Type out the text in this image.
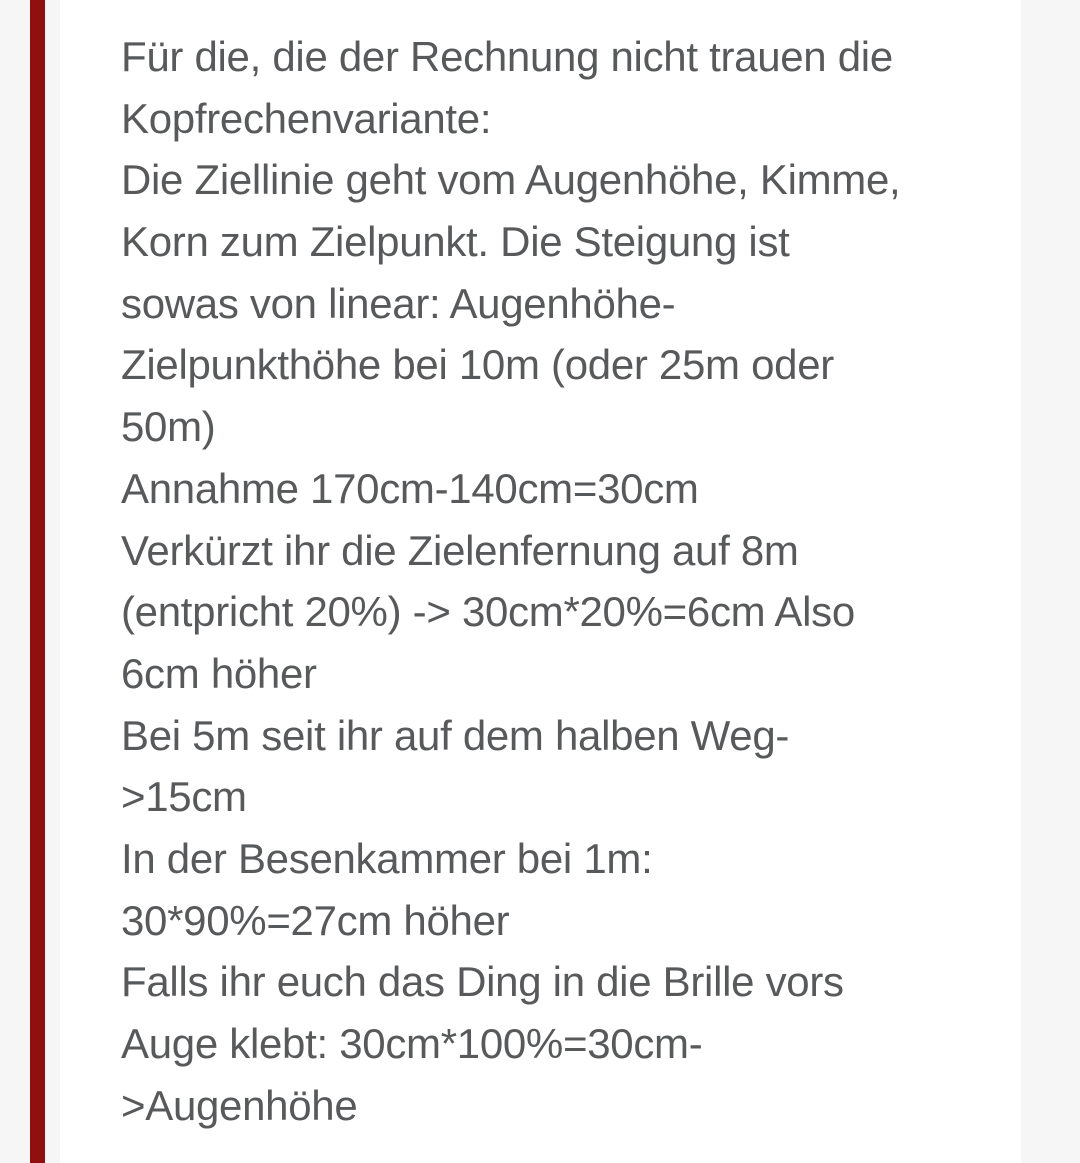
Für die, die der Rechnung nicht trauen die
Kopfrechenvariante:
Die Ziellinie geht vom Augenhöhe, Kimme,
Korn zum Zielpunkt. Die Steigung ist
sowas von linear: Augenhöhe-
Zielpunkthöhe bei 10m (oder 25m oder
50m)
Annahme 170cm-140cm=30cm
Verkürzt ihr die Zielenfernung auf 8m
(entpricht 20%) -> 30cm*20%=6cm Also
6cm höher
Bei 5m seit ihr auf dem halben Weg-
>15cm
In der Besenkammer bei 1m:
30*90%=27cm höher
Falls ihr euch das Ding in die Brille vors
Auge klebt: 30cm*100%=30cm-
>Augenhöhe
